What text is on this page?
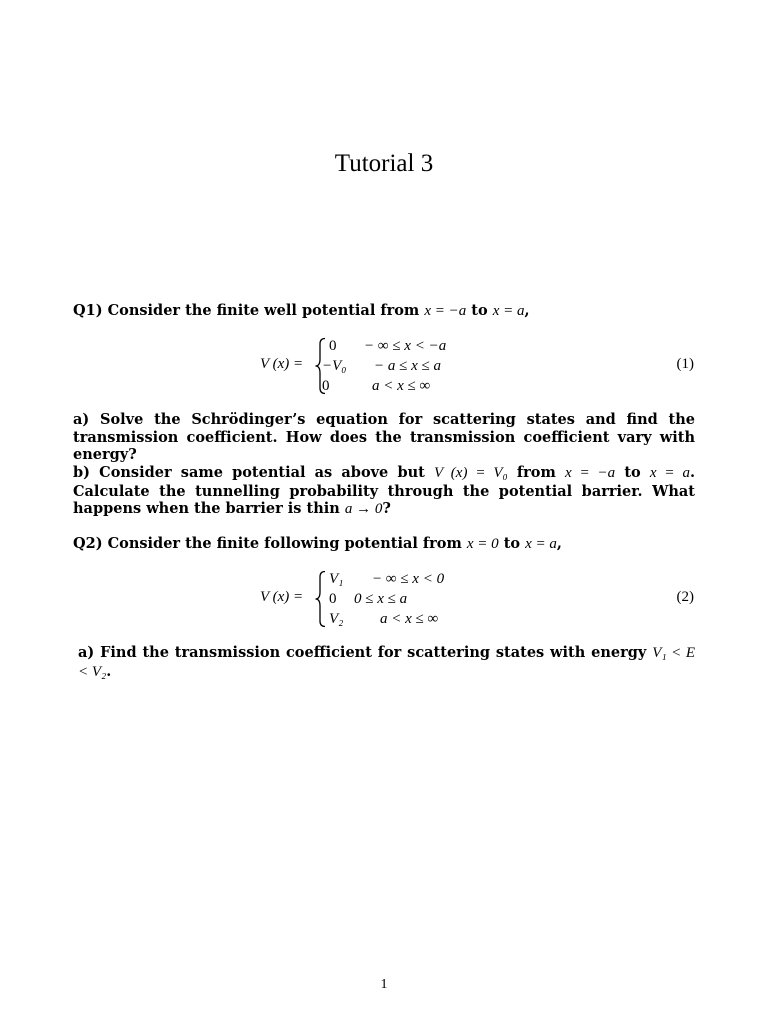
Tutorial 3

Q1) Consider the finite well potential from x = −a to x = a,

V (x) =
0 − ∞ ≤ x < −a
−V₀ − a ≤ x ≤ a
0	a < x ≤ ∞
(1)

a) Solve the Schrödinger’s equation for scattering states and find the transmission coefficient. How does the transmission coefficient vary with energy?

b) Consider same potential as above but V (x) = V₀ from x = −a to x = a. Calculate the tunnelling probability through the potential barrier. What happens when the barrier is thin a → 0?

Q2) Consider the finite following potential from x = 0 to x = a,

V (x) =
V₁ − ∞ ≤ x < 0
0 0 ≤ x ≤ a
V₂ a < x ≤ ∞
(2)

a) Find the transmission coefficient for scattering states with energy V₁ < E < V₂.

1
